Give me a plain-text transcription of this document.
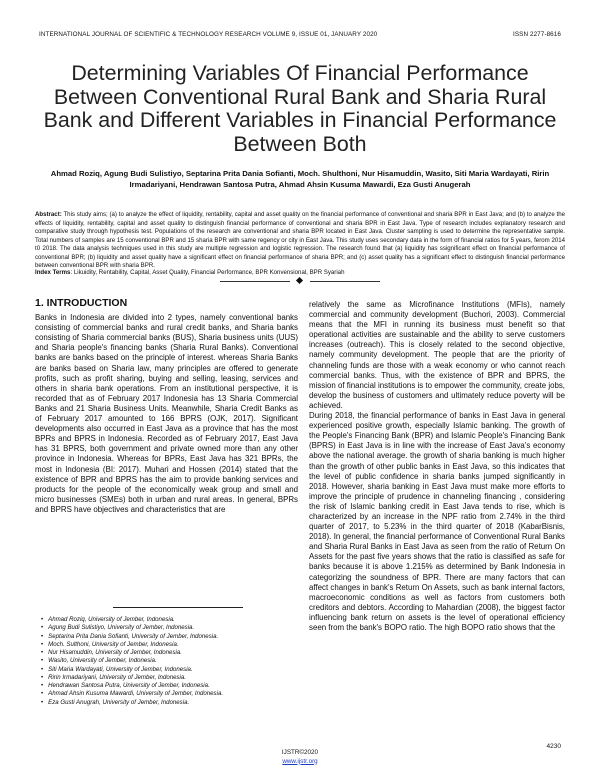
INTERNATIONAL JOURNAL OF SCIENTIFIC & TECHNOLOGY RESEARCH VOLUME 9, ISSUE 01, JANUARY 2020	ISSN 2277-8616
Determining Variables Of Financial Performance Between Conventional Rural Bank and Sharia Rural Bank and Different Variables in Financial Performance Between Both
Ahmad Roziq, Agung Budi Sulistiyo, Septarina Prita Dania Sofianti, Moch. Shulthoni, Nur Hisamuddin, Wasito, Siti Maria Wardayati, Ririn Irmadariyani, Hendrawan Santosa Putra, Ahmad Ahsin Kusuma Mawardi, Eza Gusti Anugerah
Abstract: This study aims; (a) to analyze the effect of liquidity, rentability, capital and asset quality on the financial performance of conventional and sharia BPR in East Java; and (b) to analyze the effects of liquidity, rentability, capital and asset quality to distinguish financial performance of conventional and sharia BPR in East Java. Type of research includes explanatory research and comparative study through hypothesis test. Populations of the research are conventional and sharia BPR located in East Java. Cluster sampling is used to determine the representative sample. Total numbers of samples are 15 conventional BPR and 15 sharia BPR with same regency or city in East Java. This study uses secondary data in the form of financial ratios for 5 years, ferom 2014 t0 2018. The data analysis techniques used in this study are multiple regression and logistic regression. The research found that (a) liquidity has ssignificant effect on financial performance of conventional BPR; (b) liquidity and asset quality have a significant effect on financial performance of sharia BPR; and (c) asset quality has a significant effect to distinguish financial performance between conventional BPR with sharia BPR.
Index Terms: Likuidity, Rentability, Capital, Asset Quality, Financial Performance, BPR Konvensional, BPR Syariah
1. INTRODUCTION

Banks in Indonesia are divided into 2 types, namely conventional banks consisting of commercial banks and rural credit banks, and Sharia banks consisting of Sharia commercial banks (BUS), Sharia business units (UUS) and Sharia people's financing banks (Sharia Rural Banks). Conventional banks are banks based on the principle of interest. whereas Sharia Banks are banks based on Sharia law, many principles are offered to generate profits, such as profit sharing, buying and selling, leasing, services and others in sharia bank operations. From an institutional perspective, it is recorded that as of February 2017 Indonesia has 13 Sharia Commercial Banks and 21 Sharia Business Units. Meanwhile, Sharia Credit Banks as of February 2017 amounted to 166 BPRS (OJK, 2017). Significant developments also occurred in East Java as a province that has the most BPRs and BPRS in Indonesia. Recorded as of February 2017, East Java has 31 BPRS, both government and private owned more than any other province in Indonesia. Whereas for BPRs, East Java has 321 BPRs, the most in Indonesia (BI: 2017). Muhari and Hossen (2014) stated that the existence of BPR and BPRS has the aim to provide banking services and products for the people of the economically weak group and small and micro businesses (SMEs) both in urban and rural areas. In general, BPRs and BPRS have objectives and characteristics that are

• Ahmad Roziq, University of Jember, Indonesia.
• Agung Budi Sulistiyo, University of Jember, Indonesia.
• Septarina Prita Dania Sofianti, University of Jember, Indonesia.
• Moch. Sulthoni, University of Jember, Indonesia.
• Nur Hisamuddin, University of Jember, Indonesia.
• Wasito, University of Jember, Indonesia.
• Siti Maria Wardayati, University of Jember, Indonesia.
• Ririn Irmadariyani, University of Jember, Indonesia.
• Hendrawan Santosa Putra, University of Jember, Indonesia.
• Ahmad Ahsin Kusuma Mawardi, University of Jember, Indonesia.
• Eza Gusti Anugrah, University of Jember, Indonesia.

relatively the same as Microfinance Institutions (MFIs), namely commercial and community development (Buchori, 2003). Commercial means that the MFI in running its business must benefit so that operational activities are sustainable and the ability to serve customers increases (outreach). This is closely related to the second objective, namely community development. The people that are the priority of channeling funds are those with a weak economy or who cannot reach commercial banks. Thus, with the existence of BPR and BPRS, the mission of financial institutions is to empower the community, create jobs, develop the business of customers and ultimately reduce poverty will be achieved.

During 2018, the financial performance of banks in East Java in general experienced positive growth, especially Islamic banking. The growth of the People's Financing Bank (BPR) and Islamic People's Financing Bank (BPRS) in East Java is in line with the increase of East Java's economy above the national average. the growth of sharia banking is much higher than the growth of other public banks in East Java, so this indicates that the level of public confidence in sharia banks jumped significantly in 2018. However, sharia banking in East Java must make more efforts to improve the principle of prudence in channeling financing , considering the risk of Islamic banking credit in East Java tends to rise, which is characterized by an increase in the NPF ratio from 2.74% in the third quarter of 2017, to 5.23% in the third quarter of 2018 (KabarBisnis, 2018). In general, the financial performance of Conventional Rural Banks and Sharia Rural Banks in East Java as seen from the ratio of Return On Assets for the past five years shows that the ratio is classified as safe for banks because it is above 1.215% as determined by Bank Indonesia in categorizing the soundness of BPR. There are many factors that can affect changes in bank's Return On Assets, such as bank internal factors, macroeconomic conditions as well as factors from customers both creditors and debtors. According to Mahardian (2008), the biggest factor influencing bank return on assets is the level of operational efficiency seen from the bank's BOPO ratio. The high BOPO ratio shows that the

4230
IJSTR©2020
www.ijstr.org
